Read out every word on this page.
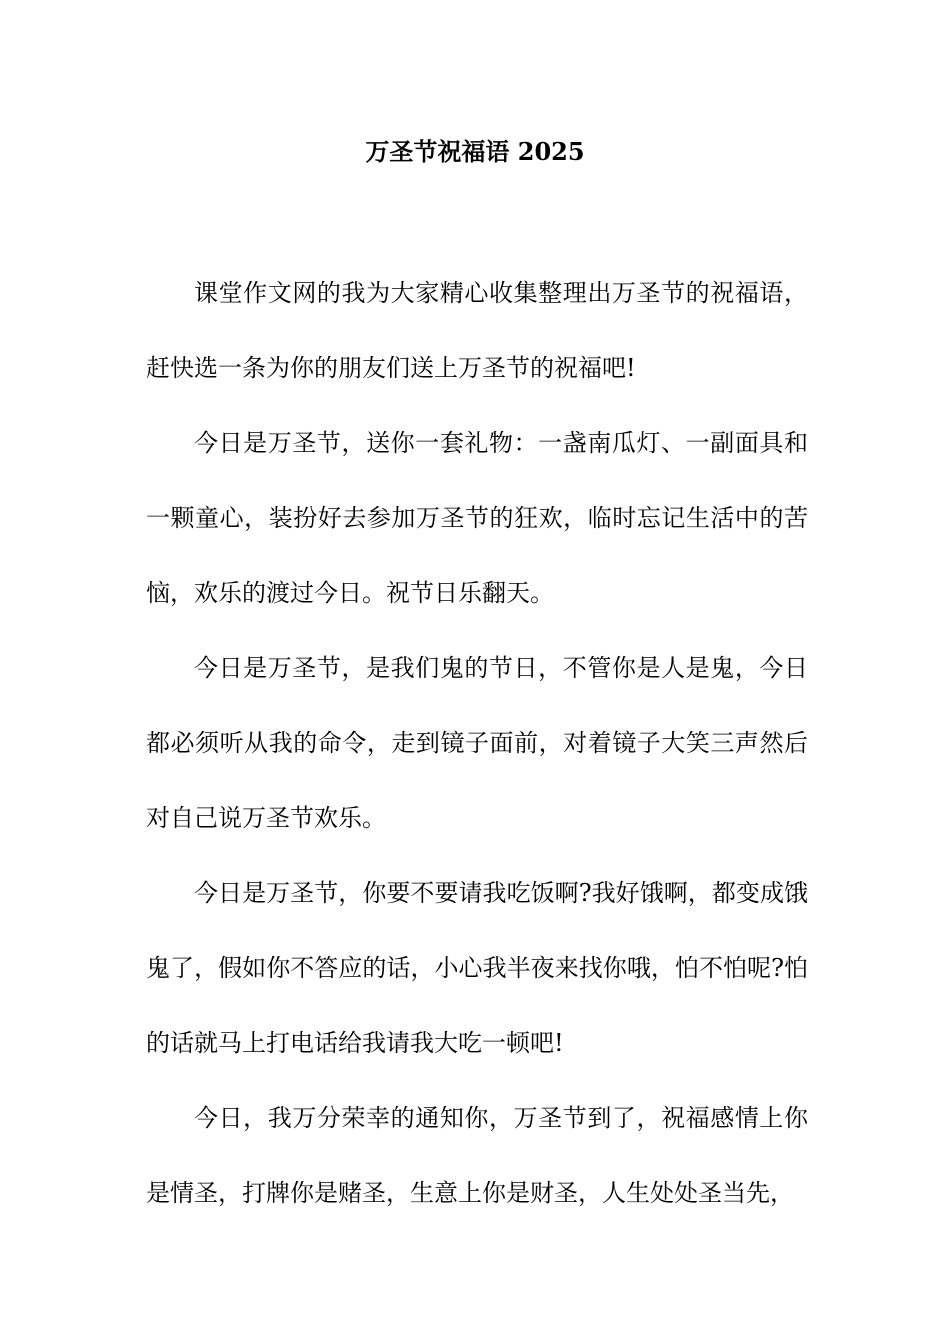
万圣节祝福语 2025

课堂作文网的我为大家精心收集整理出万圣节的祝福语，赶快选一条为你的朋友们送上万圣节的祝福吧!

今日是万圣节，送你一套礼物：一盏南瓜灯、一副面具和一颗童心，装扮好去参加万圣节的狂欢，临时忘记生活中的苦恼，欢乐的渡过今日。祝节日乐翻天。

今日是万圣节，是我们鬼的节日，不管你是人是鬼，今日都必须听从我的命令，走到镜子面前，对着镜子大笑三声然后对自己说万圣节欢乐。

今日是万圣节，你要不要请我吃饭啊?我好饿啊，都变成饿鬼了，假如你不答应的话，小心我半夜来找你哦，怕不怕呢?怕的话就马上打电话给我请我大吃一顿吧!

今日，我万分荣幸的通知你，万圣节到了，祝福感情上你是情圣，打牌你是赌圣，生意上你是财圣，人生处处圣当先，
